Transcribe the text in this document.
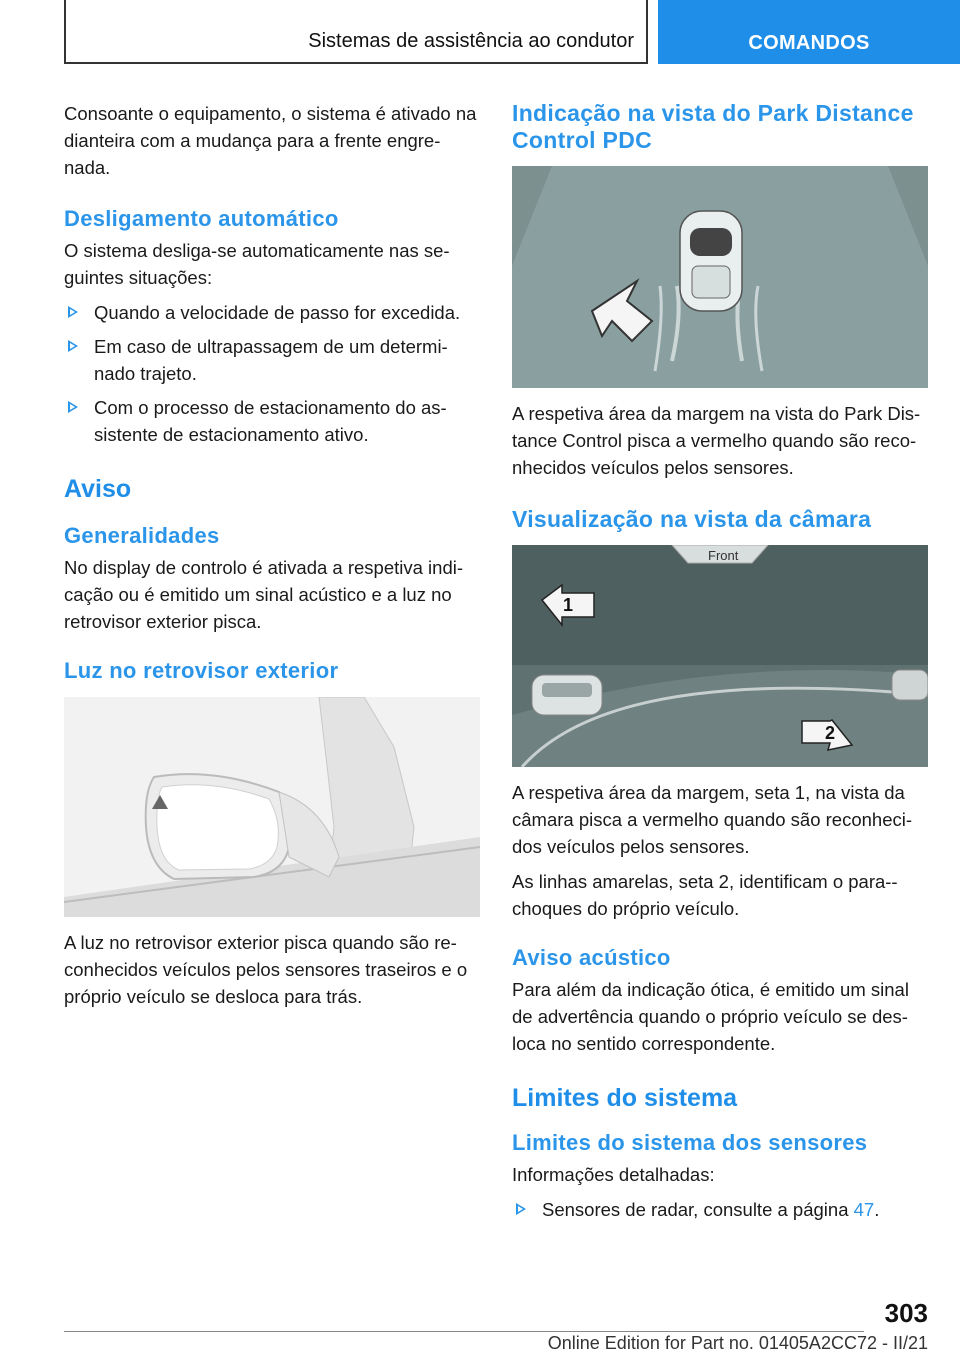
Sistemas de assistência ao condutor	COMANDOS

Consoante o equipamento, o sistema é ativado na dianteira com a mudança para a frente engre-nada.

Desligamento automático

O sistema desliga-se automaticamente nas se-guintes situações:

Quando a velocidade de passo for excedida.
Em caso de ultrapassagem de um determi-nado trajeto.
Com o processo de estacionamento do as-sistente de estacionamento ativo.
Aviso
Generalidades

No display de controlo é ativada a respetiva indi-cação ou é emitido um sinal acústico e a luz no retrovisor exterior pisca.

Luz no retrovisor exterior

A luz no retrovisor exterior pisca quando são re-conhecidos veículos pelos sensores traseiros e o próprio veículo se desloca para trás.

Indicação na vista do Park Distance Control PDC

A respetiva área da margem na vista do Park Dis-tance Control pisca a vermelho quando são reco-nhecidos veículos pelos sensores.

Visualização na vista da câmara
Front
1
2

A respetiva área da margem, seta 1, na vista da câmara pisca a vermelho quando são reconheci-dos veículos pelos sensores.

As linhas amarelas, seta 2, identificam o para--choques do próprio veículo.

Aviso acústico

Para além da indicação ótica, é emitido um sinal de advertência quando o próprio veículo se des-loca no sentido correspondente.

Limites do sistema
Limites do sistema dos sensores

Informações detalhadas:

Sensores de radar, consulte a página 47.
303
Online Edition for Part no. 01405A2CC72 - II/21
